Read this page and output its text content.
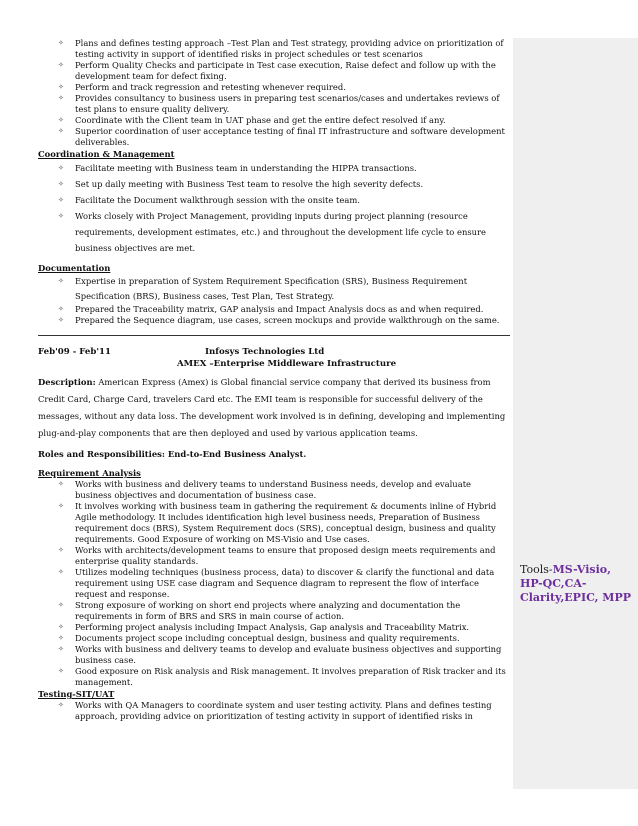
Tools-MS-Visio, HP-QC,CA-Clarity,EPIC, MPP
✧ Plans and defines testing approach –Test Plan and Test strategy, providing advice on prioritization of testing activity in support of identified risks in project schedules or test scenarios
✧ Perform Quality Checks and participate in Test case execution, Raise defect and follow up with the development team for defect fixing.
✧ Perform and track regression and retesting whenever required.
✧ Provides consultancy to business users in preparing test scenarios/cases and undertakes reviews of test plans to ensure quality delivery.
✧ Coordinate with the Client team in UAT phase and get the entire defect resolved if any.
✧ Superior coordination of user acceptance testing of final IT infrastructure and software development deliverables.
Coordination & Management
✧ Facilitate meeting with Business team in understanding the HIPPA transactions.
✧ Set up daily meeting with Business Test team to resolve the high severity defects.
✧ Facilitate the Document walkthrough session with the onsite team.
✧ Works closely with Project Management, providing inputs during project planning (resource requirements, development estimates, etc.) and throughout the development life cycle to ensure business objectives are met.
Documentation
✧ Expertise in preparation of System Requirement Specification (SRS), Business Requirement Specification (BRS), Business cases, Test Plan, Test Strategy.
✧ Prepared the Traceability matrix, GAP analysis and Impact Analysis docs as and when required.
✧ Prepared the Sequence diagram, use cases, screen mockups and provide walkthrough on the same.
Feb'09 - Feb'11	Infosys Technologies Ltd
AMEX –Enterprise Middleware Infrastructure
Description: American Express (Amex) is Global financial service company that derived its business from Credit Card, Charge Card, travelers Card etc. The EMI team is responsible for successful delivery of the messages, without any data loss. The development work involved is in defining, developing and implementing plug-and-play components that are then deployed and used by various application teams.
Roles and Responsibilities: End-to-End Business Analyst.
Requirement Analysis
✧ Works with business and delivery teams to understand Business needs, develop and evaluate business objectives and documentation of business case.
✧ It involves working with business team in gathering the requirement & documents inline of Hybrid Agile methodology. It includes identification high level business needs, Preparation of Business requirement docs (BRS), System Requirement docs (SRS), conceptual design, business and quality requirements. Good Exposure of working on MS-Visio and Use cases.
✧ Works with architects/development teams to ensure that proposed design meets requirements and enterprise quality standards.
✧ Utilizes modeling techniques (business process, data) to discover & clarify the functional and data requirement using USE case diagram and Sequence diagram to represent the flow of interface request and response.
✧ Strong exposure of working on short end projects where analyzing and documentation the requirements in form of BRS and SRS in main course of action.
✧ Performing project analysis including Impact Analysis, Gap analysis and Traceability Matrix.
✧ Documents project scope including conceptual design, business and quality requirements.
✧ Works with business and delivery teams to develop and evaluate business objectives and supporting business case.
✧ Good exposure on Risk analysis and Risk management. It involves preparation of Risk tracker and its management.
Testing-SIT/UAT
✧ Works with QA Managers to coordinate system and user testing activity. Plans and defines testing approach, providing advice on prioritization of testing activity in support of identified risks in
